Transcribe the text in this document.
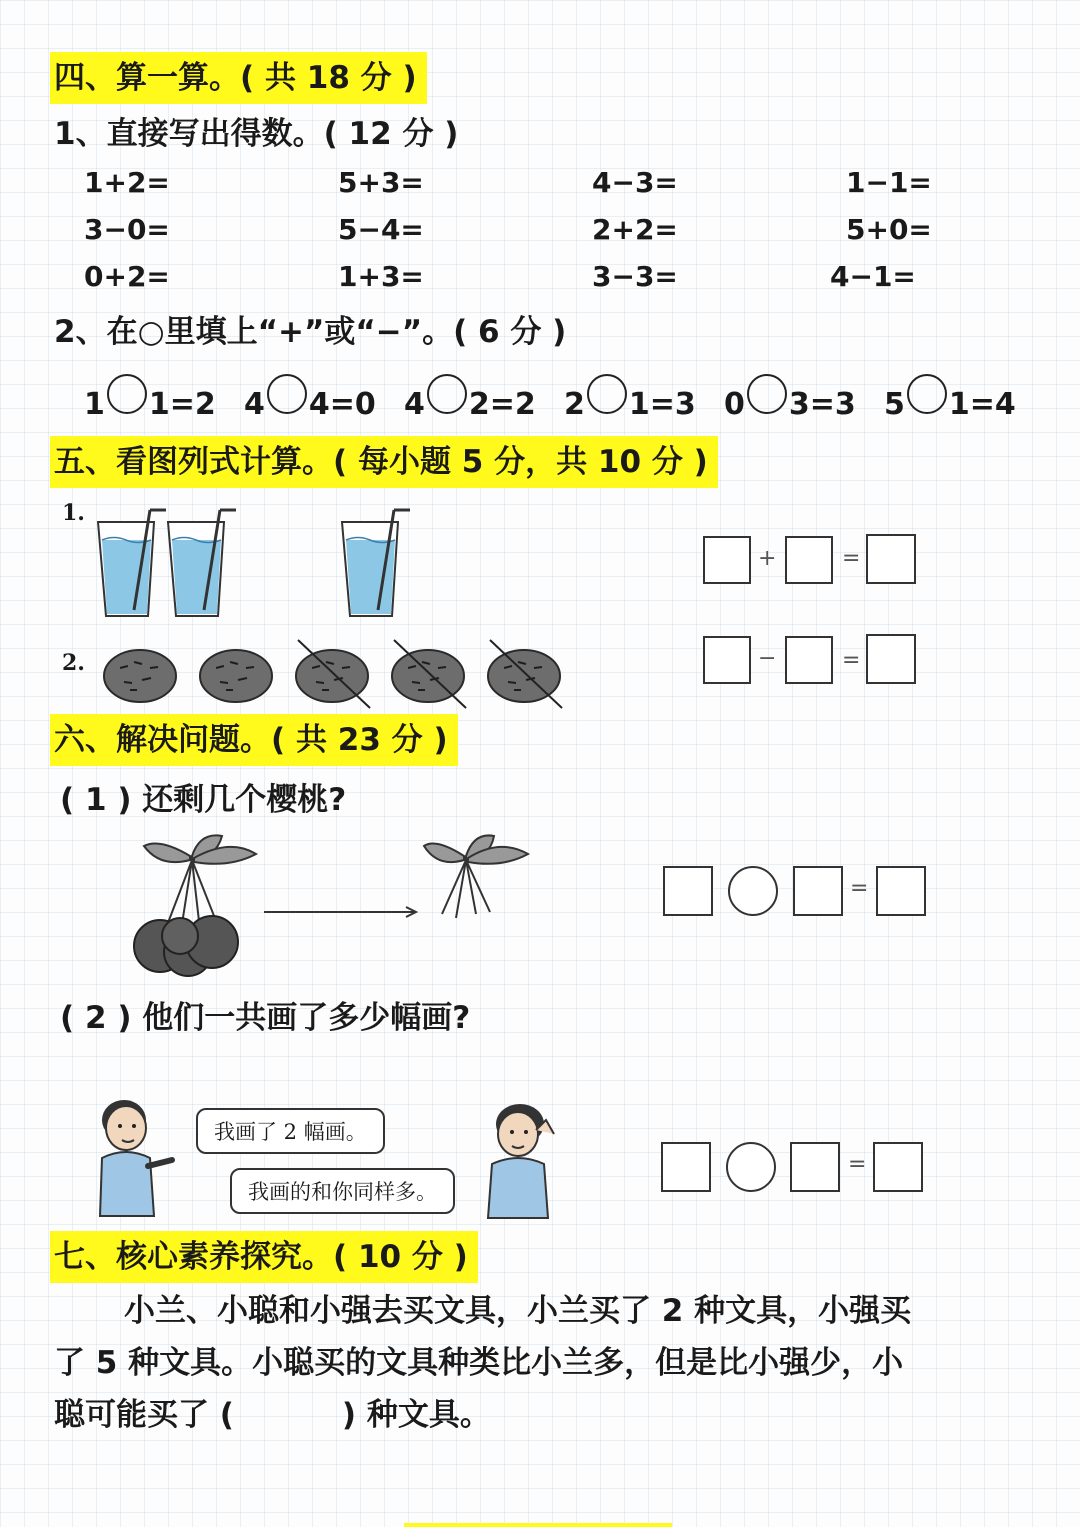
四、算一算。( 共 18 分 )
1、直接写出得数。( 12 分 )
1+2=	5+3=	4−3=	1−1=
3−0=	5−4=	2+2=	5+0=
0+2=	1+3=	3−3=	4−1=
2、在○里填上“+”或“−”。( 6 分 )
1 1=2 4 4=0 4 2=2 2 1=3 0 3=3 5 1=4
五、看图列式计算。( 每小题 5 分，共 10 分 )
1.
+	=
2.	−	=
六、解决问题。( 共 23 分 )
( 1 ) 还剩几个樱桃?
=
( 2 ) 他们一共画了多少幅画?
我画了 2 幅画。
我画的和你同样多。
=
七、核心素养探究。( 10 分 )
小兰、小聪和小强去买文具，小兰买了 2 种文具，小强买
了 5 种文具。小聪买的文具种类比小兰多，但是比小强少，小
聪可能买了 (          ) 种文具。
